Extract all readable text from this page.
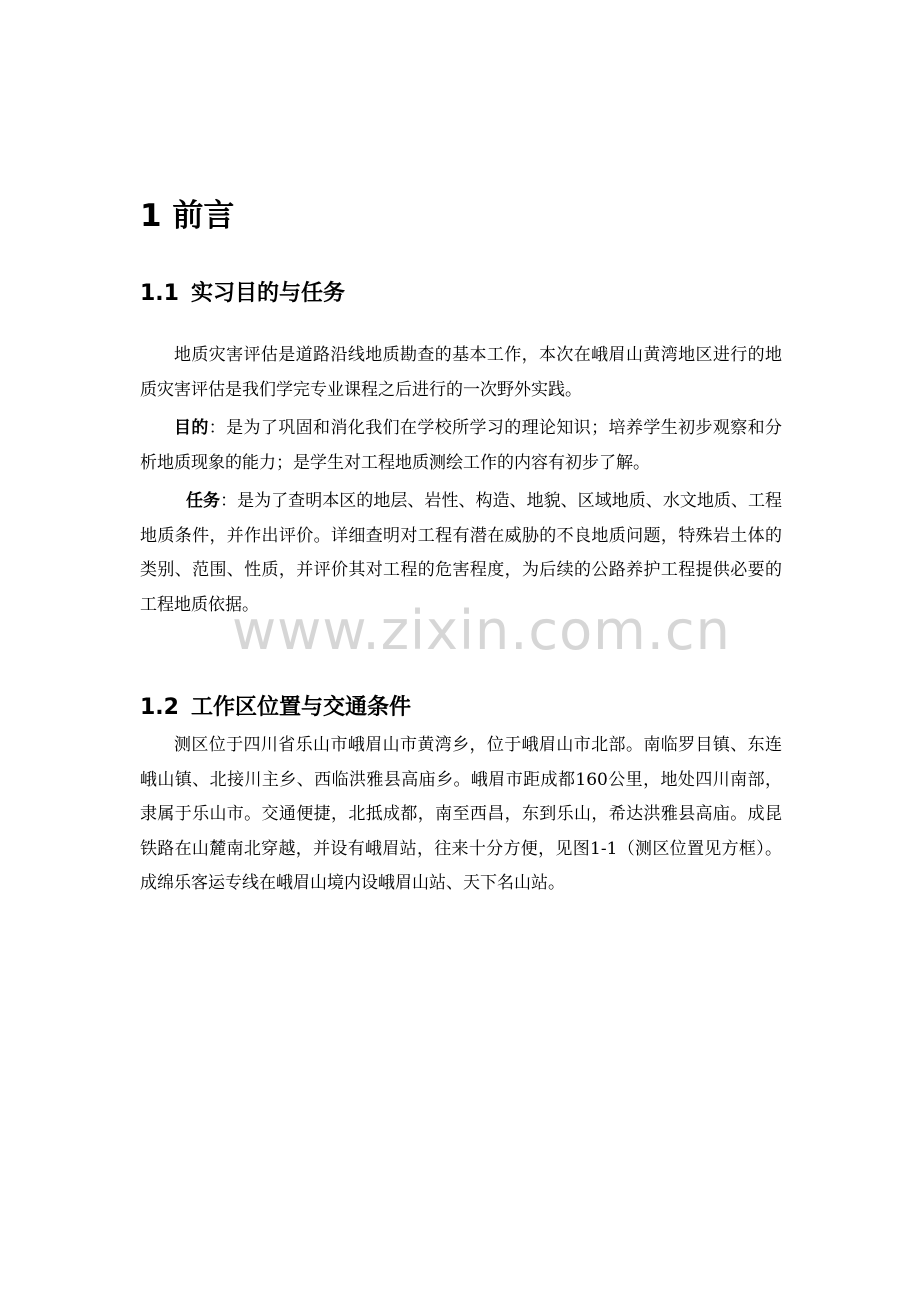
1 前言
1.1 实习目的与任务

地质灾害评估是道路沿线地质勘查的基本工作，本次在峨眉山黄湾地区进行的地质灾害评估是我们学完专业课程之后进行的一次野外实践。

目的：是为了巩固和消化我们在学校所学习的理论知识；培养学生初步观察和分析地质现象的能力；是学生对工程地质测绘工作的内容有初步了解。

任务：是为了查明本区的地层、岩性、构造、地貌、区域地质、水文地质、工程地质条件，并作出评价。详细查明对工程有潜在威胁的不良地质问题，特殊岩土体的类别、范围、性质，并评价其对工程的危害程度，为后续的公路养护工程提供必要的工程地质依据。

www.zixin.com.cn
1.2 工作区位置与交通条件

测区位于四川省乐山市峨眉山市黄湾乡，位于峨眉山市北部。南临罗目镇、东连峨山镇、北接川主乡、西临洪雅县高庙乡。峨眉市距成都160公里，地处四川南部，隶属于乐山市。交通便捷，北抵成都，南至西昌，东到乐山，希达洪雅县高庙。成昆铁路在山麓南北穿越，并设有峨眉站，往来十分方便，见图1-1（测区位置见方框）。成绵乐客运专线在峨眉山境内设峨眉山站、天下名山站。
